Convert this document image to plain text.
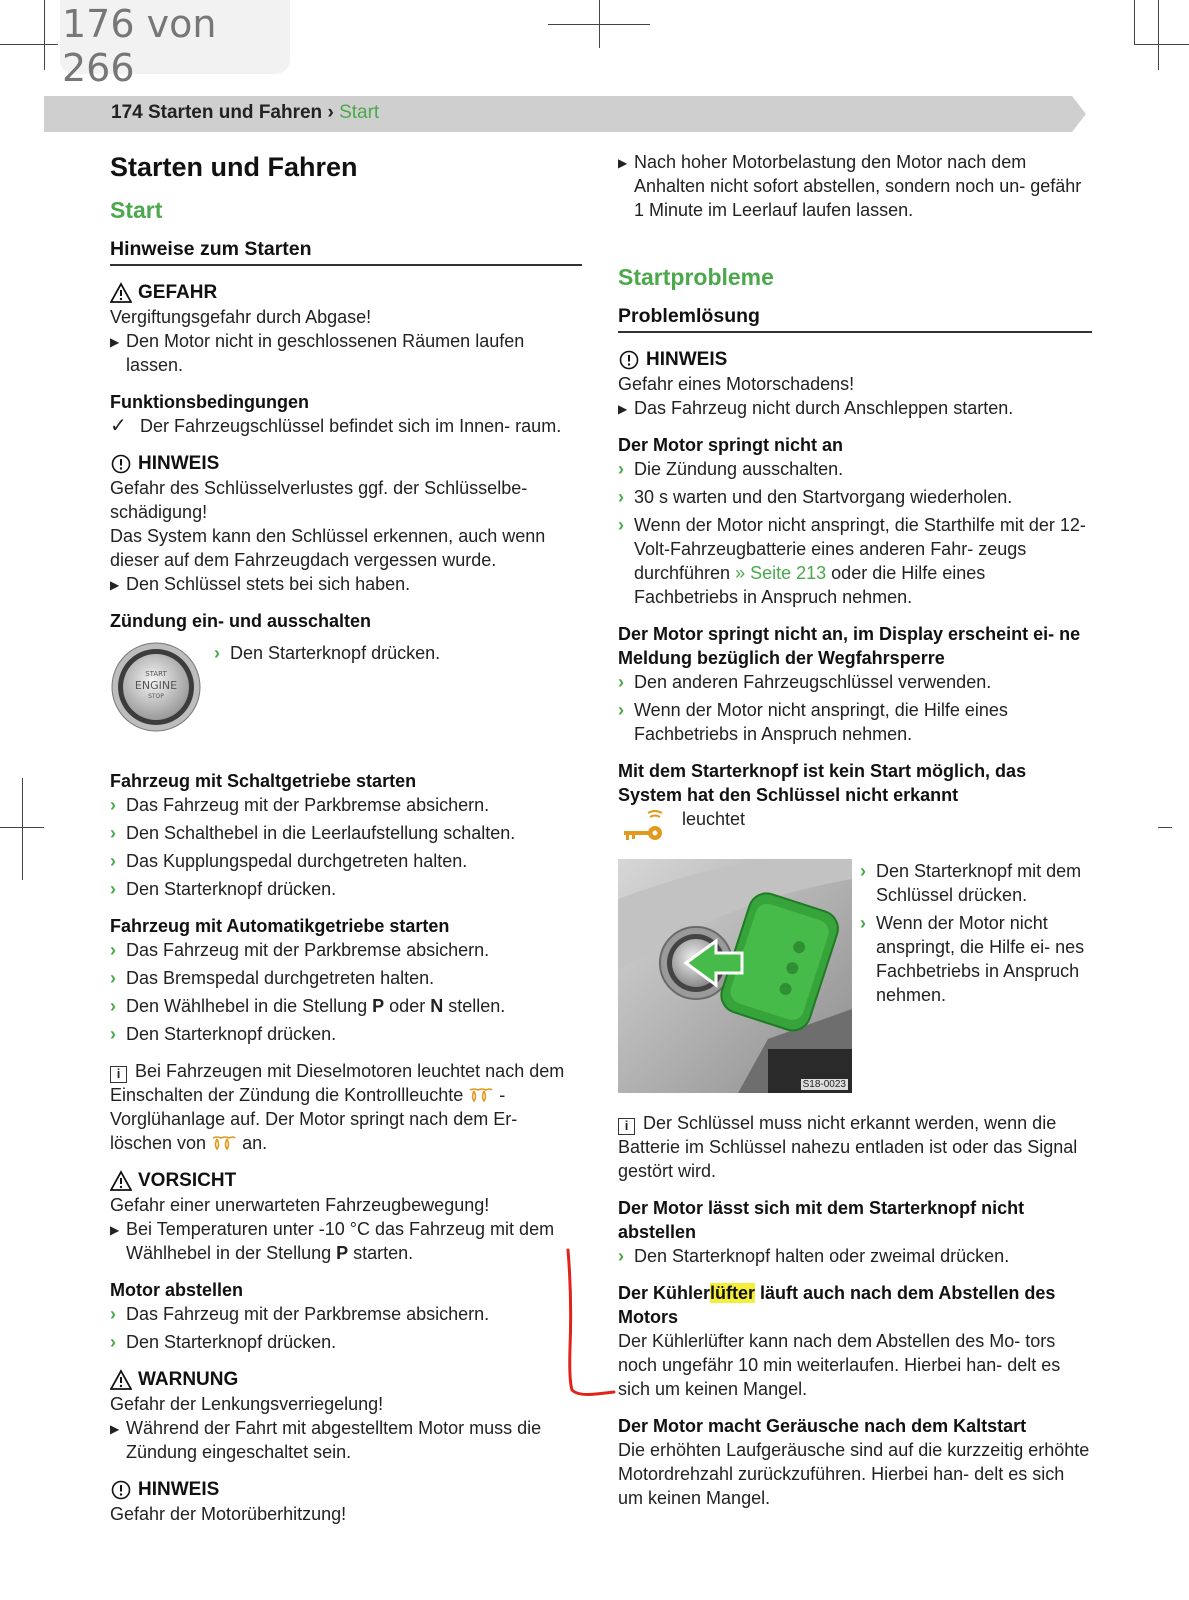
176 von 266
174 Starten und Fahren › Start
Starten und Fahren
Start
Hinweise zum Starten
GEFAHR
Vergiftungsgefahr durch Abgase!
▶ Den Motor nicht in geschlossenen Räumen laufen lassen.
Funktionsbedingungen
✓ Der Fahrzeugschlüssel befindet sich im Innen- raum.
HINWEIS
Gefahr des Schlüsselverlustes ggf. der Schlüsselbe- schädigung!
Das System kann den Schlüssel erkennen, auch wenn dieser auf dem Fahrzeugdach vergessen wurde.
▶ Den Schlüssel stets bei sich haben.
Zündung ein- und ausschalten
START
ENGINE
STOP
› Den Starterknopf drücken.
Fahrzeug mit Schaltgetriebe starten
› Das Fahrzeug mit der Parkbremse absichern.
› Den Schalthebel in die Leerlaufstellung schalten.
› Das Kupplungspedal durchgetreten halten.
› Den Starterknopf drücken.
Fahrzeug mit Automatikgetriebe starten
› Das Fahrzeug mit der Parkbremse absichern.
› Das Bremspedal durchgetreten halten.
› Den Wählhebel in die Stellung P oder N stellen.
› Den Starterknopf drücken.
i Bei Fahrzeugen mit Dieselmotoren leuchtet nach dem Einschalten der Zündung die Kontrollleuchte - Vorglühanlage auf. Der Motor springt nach dem Er- löschen von an.
VORSICHT
Gefahr einer unerwarteten Fahrzeugbewegung!
▶ Bei Temperaturen unter -10 °C das Fahrzeug mit dem Wählhebel in der Stellung P starten.
Motor abstellen
› Das Fahrzeug mit der Parkbremse absichern.
› Den Starterknopf drücken.
WARNUNG
Gefahr der Lenkungsverriegelung!
▶ Während der Fahrt mit abgestelltem Motor muss die Zündung eingeschaltet sein.
HINWEIS
Gefahr der Motorüberhitzung!
▶ Nach hoher Motorbelastung den Motor nach dem Anhalten nicht sofort abstellen, sondern noch un- gefähr 1 Minute im Leerlauf laufen lassen.
Startprobleme
Problemlösung
HINWEIS
Gefahr eines Motorschadens!
▶ Das Fahrzeug nicht durch Anschleppen starten.
Der Motor springt nicht an
› Die Zündung ausschalten.
› 30 s warten und den Startvorgang wiederholen.
› Wenn der Motor nicht anspringt, die Starthilfe mit der 12-Volt-Fahrzeugbatterie eines anderen Fahr- zeugs durchführen » Seite 213 oder die Hilfe eines Fachbetriebs in Anspruch nehmen.
Der Motor springt nicht an, im Display erscheint ei- ne Meldung bezüglich der Wegfahrsperre
› Den anderen Fahrzeugschlüssel verwenden.
› Wenn der Motor nicht anspringt, die Hilfe eines Fachbetriebs in Anspruch nehmen.
Mit dem Starterknopf ist kein Start möglich, das System hat den Schlüssel nicht erkannt
leuchtet
S18-0023
› Den Starterknopf mit dem Schlüssel drücken.
› Wenn der Motor nicht anspringt, die Hilfe ei- nes Fachbetriebs in Anspruch nehmen.
i Der Schlüssel muss nicht erkannt werden, wenn die Batterie im Schlüssel nahezu entladen ist oder das Signal gestört wird.
Der Motor lässt sich mit dem Starterknopf nicht abstellen
› Den Starterknopf halten oder zweimal drücken.
Der Kühlerlüfter läuft auch nach dem Abstellen des Motors
Der Kühlerlüfter kann nach dem Abstellen des Mo- tors noch ungefähr 10 min weiterlaufen. Hierbei han- delt es sich um keinen Mangel.
Der Motor macht Geräusche nach dem Kaltstart
Die erhöhten Laufgeräusche sind auf die kurzzeitig erhöhte Motordrehzahl zurückzuführen. Hierbei han- delt es sich um keinen Mangel.
